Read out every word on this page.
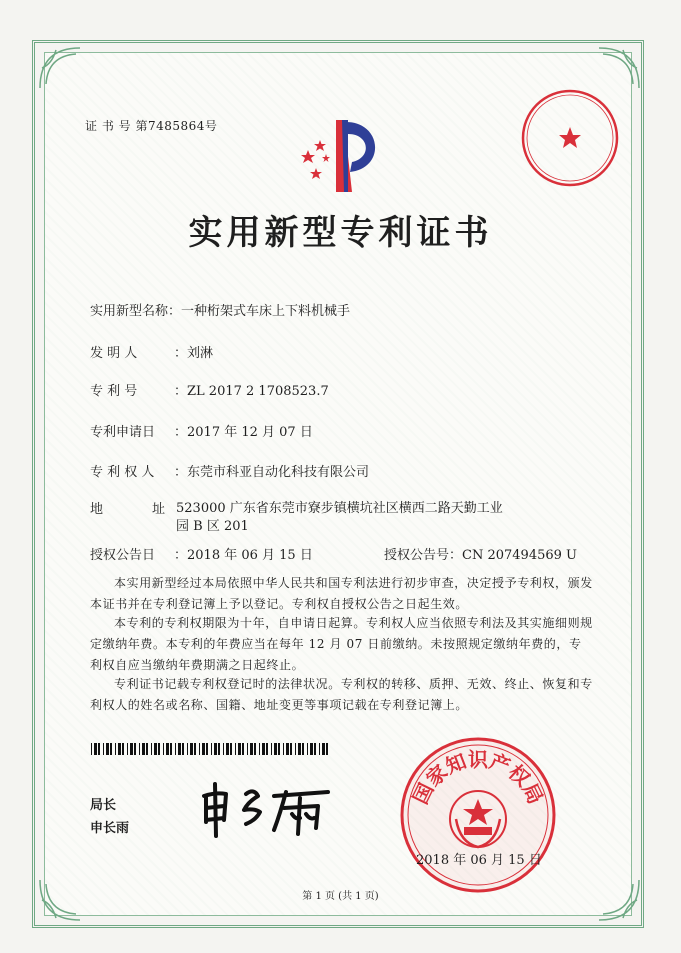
证 书 号 第7485864号
实用新型专利证书
实用新型名称：一种桁架式车床上下料机械手
发 明 人	：刘淋
专 利 号	：ZL 2017 2 1708523.7
专利申请日 ：2017 年 12 月 07 日
专 利 权 人 ：东莞市科亚自动化科技有限公司
地	址 523000 广东省东莞市寮步镇横坑社区横西二路天勤工业园 B 区 201
授权公告日 ：2018 年 06 月 15 日	授权公告号：CN 207494569 U
本实用新型经过本局依照中华人民共和国专利法进行初步审查，决定授予专利权，颁发本证书并在专利登记簿上予以登记。专利权自授权公告之日起生效。
本专利的专利权期限为十年，自申请日起算。专利权人应当依照专利法及其实施细则规定缴纳年费。本专利的年费应当在每年 12 月 07 日前缴纳。未按照规定缴纳年费的，专利权自应当缴纳年费期满之日起终止。
专利证书记载专利权登记时的法律状况。专利权的转移、质押、无效、终止、恢复和专利权人的姓名或名称、国籍、地址变更等事项记载在专利登记簿上。
局长
申长雨
国家知识产权局
2018 年 06 月 15 日
第 1 页 (共 1 页)
